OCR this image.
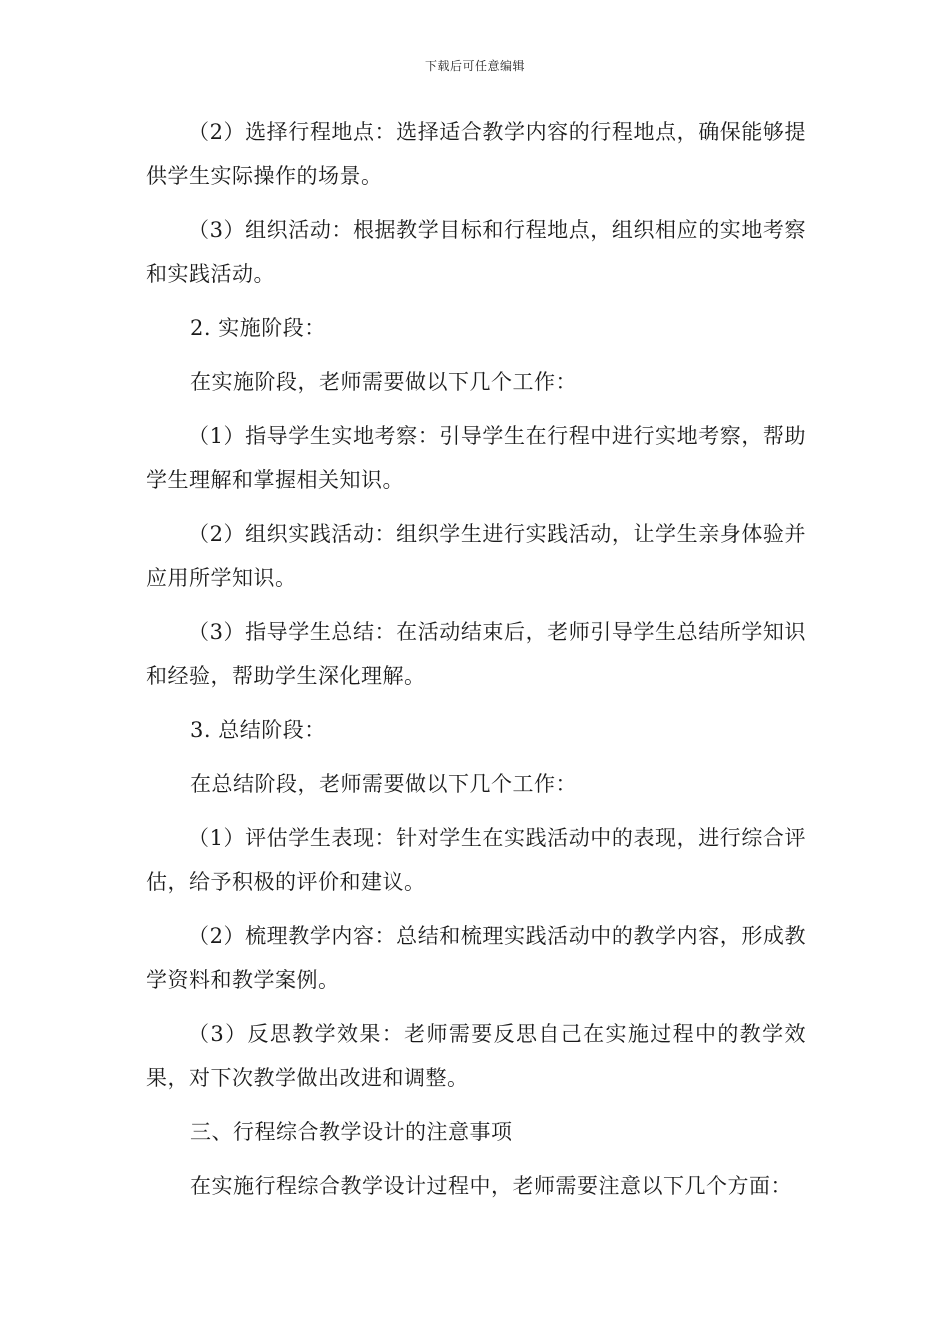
下载后可任意编辑

（2）选择行程地点：选择适合教学内容的行程地点，确保能够提供学生实际操作的场景。

（3）组织活动：根据教学目标和行程地点，组织相应的实地考察和实践活动。

2. 实施阶段：

在实施阶段，老师需要做以下几个工作：

（1）指导学生实地考察：引导学生在行程中进行实地考察，帮助学生理解和掌握相关知识。

（2）组织实践活动：组织学生进行实践活动，让学生亲身体验并应用所学知识。

（3）指导学生总结：在活动结束后，老师引导学生总结所学知识和经验，帮助学生深化理解。

3. 总结阶段：

在总结阶段，老师需要做以下几个工作：

（1）评估学生表现：针对学生在实践活动中的表现，进行综合评估，给予积极的评价和建议。

（2）梳理教学内容：总结和梳理实践活动中的教学内容，形成教学资料和教学案例。

（3）反思教学效果：老师需要反思自己在实施过程中的教学效果，对下次教学做出改进和调整。

三、行程综合教学设计的注意事项

在实施行程综合教学设计过程中，老师需要注意以下几个方面：
